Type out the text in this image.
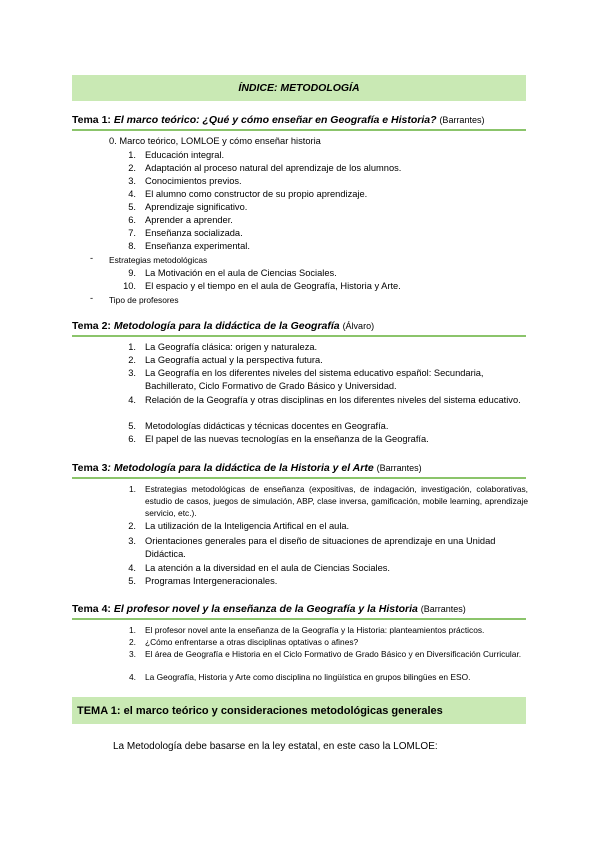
ÍNDICE: METODOLOGÍA
Tema 1: El marco teórico: ¿Qué y cómo enseñar en Geografía e Historia? (Barrantes)
0. Marco teórico, LOMLOE y cómo enseñar historia
1. Educación integral.
2. Adaptación al proceso natural del aprendizaje de los alumnos.
3. Conocimientos previos.
4. El alumno como constructor de su propio aprendizaje.
5. Aprendizaje significativo.
6. Aprender a aprender.
7. Enseñanza socializada.
8. Enseñanza experimental.
- Estrategias metodológicas
9. La Motivación en el aula de Ciencias Sociales.
10. El espacio y el tiempo en el aula de Geografía, Historia y Arte.
- Tipo de profesores
Tema 2: Metodología para la didáctica de la Geografía (Álvaro)
1. La Geografía clásica: origen y naturaleza.
2. La Geografía actual y la perspectiva futura.
3. La Geografía en los diferentes niveles del sistema educativo español: Secundaria, Bachillerato, Ciclo Formativo de Grado Básico y Universidad.
4. Relación de la Geografía y otras disciplinas en los diferentes niveles del sistema educativo.
5. Metodologías didácticas y técnicas docentes en Geografía.
6. El papel de las nuevas tecnologías en la enseñanza de la Geografía.
Tema 3: Metodología para la didáctica de la Historia y el Arte (Barrantes)
1. Estrategias metodológicas de enseñanza (expositivas, de indagación, investigación, colaborativas, estudio de casos, juegos de simulación, ABP, clase inversa, gamificación, mobile learning, aprendizaje servicio, etc.).
2. La utilización de la Inteligencia Artifical en el aula.
3. Orientaciones generales para el diseño de situaciones de aprendizaje en una Unidad Didáctica.
4. La atención a la diversidad en el aula de Ciencias Sociales.
5. Programas Intergeneracionales.
Tema 4: El profesor novel y la enseñanza de la Geografía y la Historia (Barrantes)
1. El profesor novel ante la enseñanza de la Geografía y la Historia: planteamientos prácticos.
2. ¿Cómo enfrentarse a otras disciplinas optativas o afines?
3. El área de Geografía e Historia en el Ciclo Formativo de Grado Básico y en Diversificación Curricular.
4. La Geografía, Historia y Arte como disciplina no lingüística en grupos bilingües en ESO.
TEMA 1: el marco teórico y consideraciones metodológicas generales
La Metodología debe basarse en la ley estatal, en este caso la LOMLOE:
